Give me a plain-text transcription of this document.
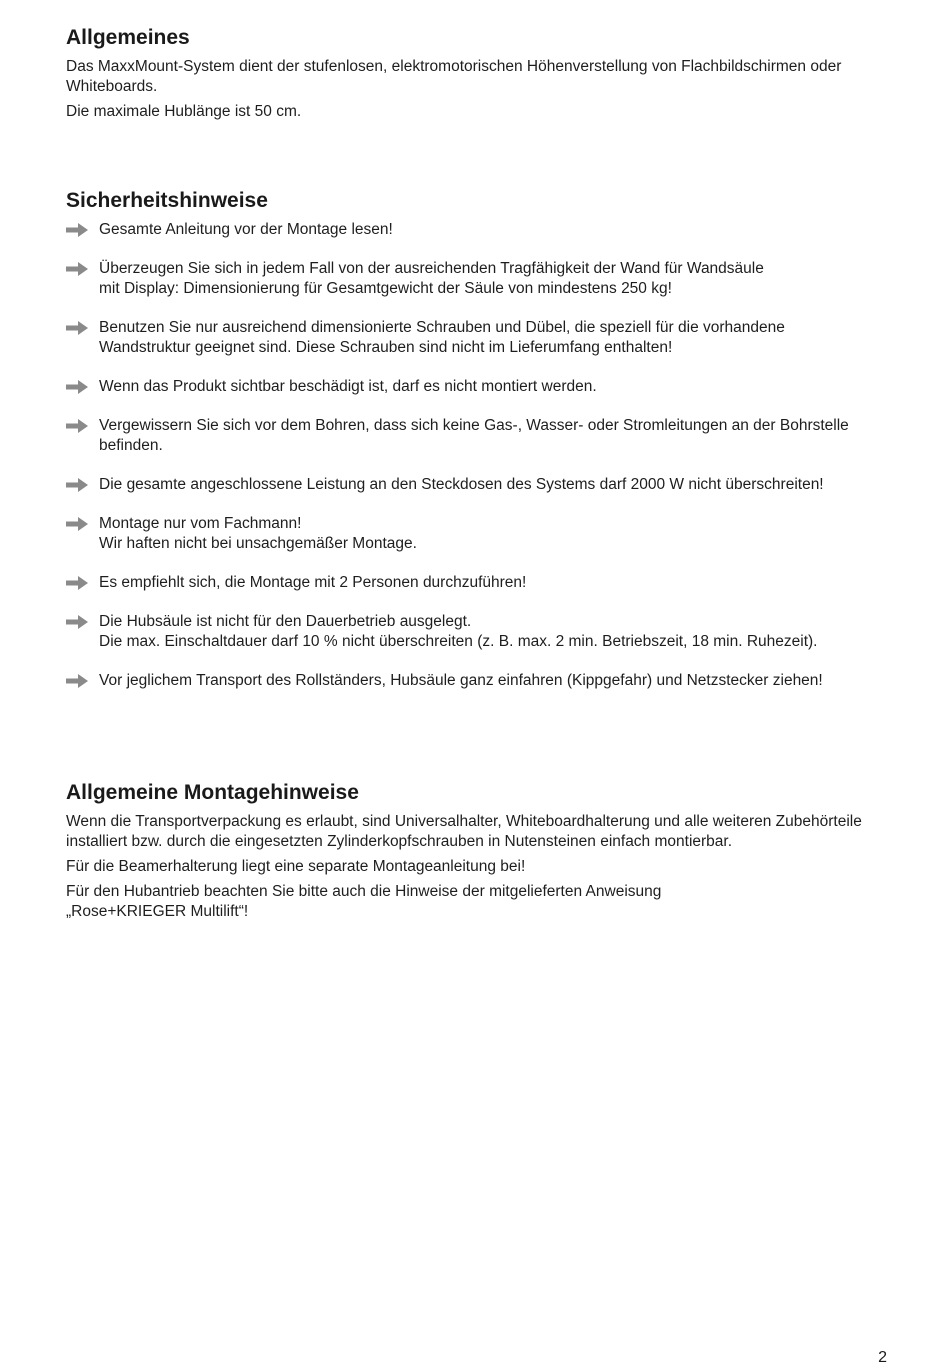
Allgemeines

Das MaxxMount-System dient der stufenlosen, elektromotorischen Höhenverstellung von Flachbildschirmen oder Whiteboards.

Die maximale Hublänge ist 50 cm.

Sicherheitshinweise
Gesamte Anleitung vor der Montage lesen!
Überzeugen Sie sich in jedem Fall von der ausreichenden Tragfähigkeit der Wand für Wandsäule
mit Display: Dimensionierung für Gesamtgewicht der Säule von mindestens 250 kg!
Benutzen Sie nur ausreichend dimensionierte Schrauben und Dübel, die speziell für die vorhandene
Wandstruktur geeignet sind. Diese Schrauben sind nicht im Lieferumfang enthalten!
Wenn das Produkt sichtbar beschädigt ist, darf es nicht montiert werden.
Vergewissern Sie sich vor dem Bohren, dass sich keine Gas-, Wasser- oder Stromleitungen an der Bohrstelle
befinden.
Die gesamte angeschlossene Leistung an den Steckdosen des Systems darf 2000 W nicht überschreiten!
Montage nur vom Fachmann!
Wir haften nicht bei unsachgemäßer Montage.
Es empfiehlt sich, die Montage mit 2 Personen durchzuführen!
Die Hubsäule ist nicht für den Dauerbetrieb ausgelegt.
Die max. Einschaltdauer darf 10 % nicht überschreiten (z. B. max. 2 min. Betriebszeit, 18 min. Ruhezeit).
Vor jeglichem Transport des Rollständers, Hubsäule ganz einfahren (Kippgefahr) und Netzstecker ziehen!
Allgemeine Montagehinweise

Wenn die Transportverpackung es erlaubt, sind Universalhalter, Whiteboardhalterung und alle weiteren Zubehörteile installiert bzw. durch die eingesetzten Zylinderkopfschrauben in Nutensteinen einfach montierbar.

Für die Beamerhalterung liegt eine separate Montageanleitung bei!

Für den Hubantrieb beachten Sie bitte auch die Hinweise der mitgelieferten Anweisung
„Rose+KRIEGER Multilift“!

2
